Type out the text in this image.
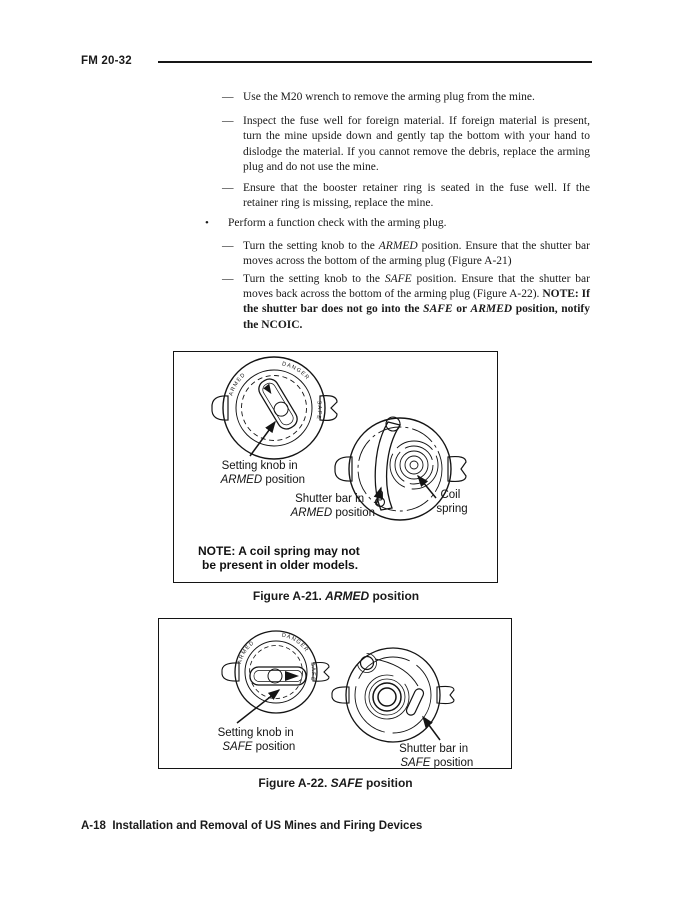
FM 20-32
— Use the M20 wrench to remove the arming plug from the mine.
— Inspect the fuse well for foreign material. If foreign material is present, turn the mine upside down and gently tap the bottom with your hand to dislodge the material. If you cannot remove the debris, replace the arming plug and do not use the mine.
— Ensure that the booster retainer ring is seated in the fuse well. If the retainer ring is missing, replace the mine.
• Perform a function check with the arming plug.
— Turn the setting knob to the ARMED position. Ensure that the shutter bar moves across the bottom of the arming plug (Figure A-21)
— Turn the setting knob to the SAFE position. Ensure that the shutter bar moves back across the bottom of the arming plug (Figure A-22). NOTE: If the shutter bar does not go into the SAFE or ARMED position, notify the NCOIC.
ARMED         DANGER
SAFE
Setting knob in ARMED position
Shutter bar in ARMED position
Coil spring
NOTE: A coil spring may not be present in older models.
Figure A-21. ARMED position
ARMED         DANGER
SAFE
Setting knob in SAFE position	Shutter bar in SAFE position
Figure A-22. SAFE position
A-18  Installation and Removal of US Mines and Firing Devices
